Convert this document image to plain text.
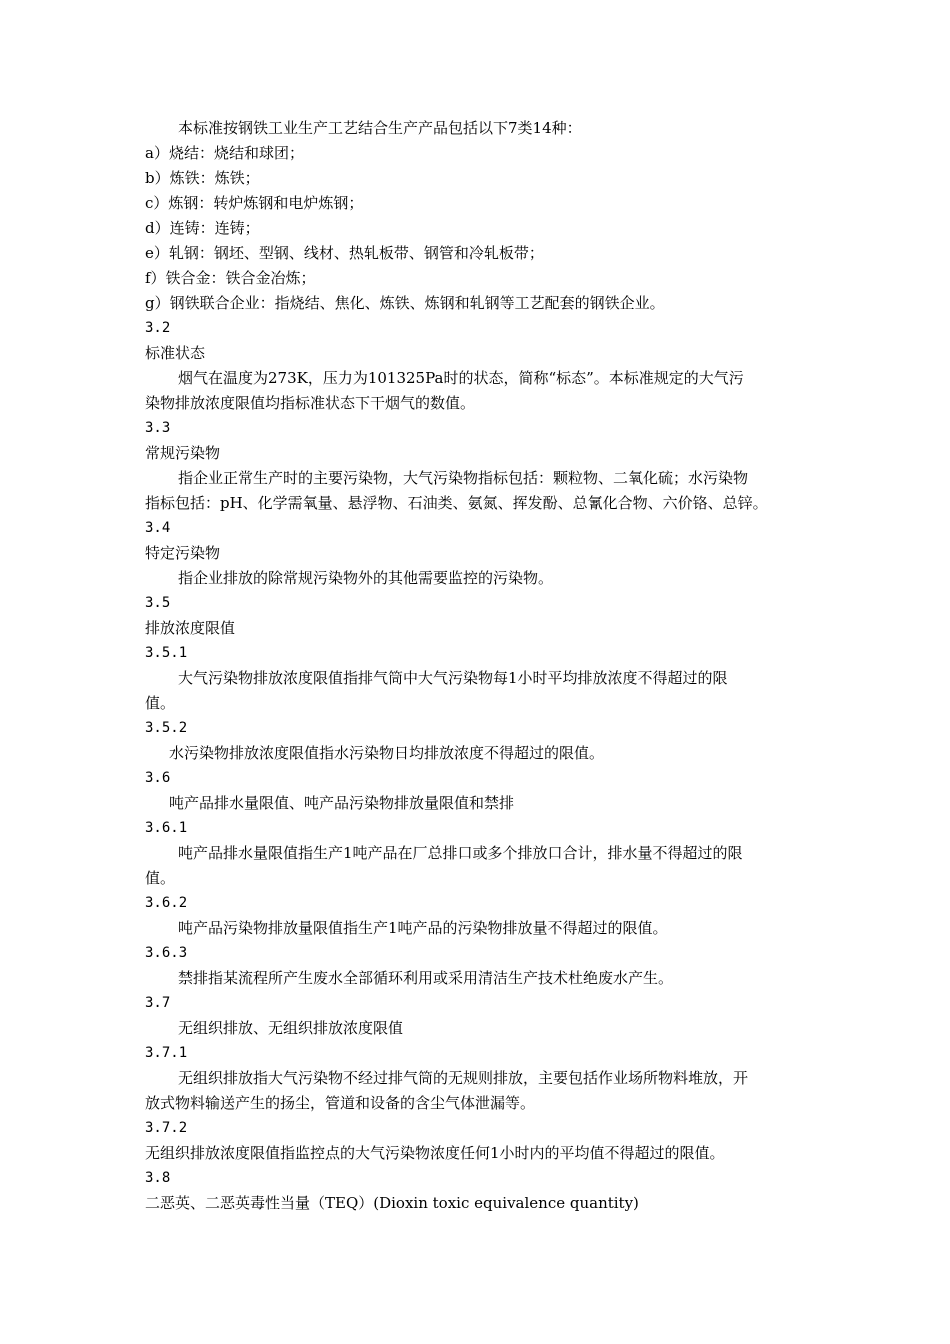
本标准按钢铁工业生产工艺结合生产产品包括以下7类14种：
a）烧结：烧结和球团；
b）炼铁：炼铁；
c）炼钢：转炉炼钢和电炉炼钢；
d）连铸：连铸；
e）轧钢：钢坯、型钢、线材、热轧板带、钢管和冷轧板带；
f）铁合金：铁合金冶炼；
g）钢铁联合企业：指烧结、焦化、炼铁、炼钢和轧钢等工艺配套的钢铁企业。
3.2
标准状态
烟气在温度为273K，压力为101325Pa时的状态，简称“标态”。本标准规定的大气污
染物排放浓度限值均指标准状态下干烟气的数值。
3.3
常规污染物
指企业正常生产时的主要污染物，大气污染物指标包括：颗粒物、二氧化硫；水污染物
指标包括：pH、化学需氧量、悬浮物、石油类、氨氮、挥发酚、总氰化合物、六价铬、总锌。
3.4
特定污染物
指企业排放的除常规污染物外的其他需要监控的污染物。
3.5
排放浓度限值
3.5.1
大气污染物排放浓度限值指排气筒中大气污染物每1小时平均排放浓度不得超过的限
值。
3.5.2
水污染物排放浓度限值指水污染物日均排放浓度不得超过的限值。
3.6
吨产品排水量限值、吨产品污染物排放量限值和禁排
3.6.1
吨产品排水量限值指生产1吨产品在厂总排口或多个排放口合计，排水量不得超过的限
值。
3.6.2
吨产品污染物排放量限值指生产1吨产品的污染物排放量不得超过的限值。
3.6.3
禁排指某流程所产生废水全部循环利用或采用清洁生产技术杜绝废水产生。
3.7
无组织排放、无组织排放浓度限值
3.7.1
无组织排放指大气污染物不经过排气筒的无规则排放，主要包括作业场所物料堆放，开
放式物料输送产生的扬尘，管道和设备的含尘气体泄漏等。
3.7.2
无组织排放浓度限值指监控点的大气污染物浓度任何1小时内的平均值不得超过的限值。
3.8
二恶英、二恶英毒性当量（TEQ）(Dioxin toxic equivalence quantity)
